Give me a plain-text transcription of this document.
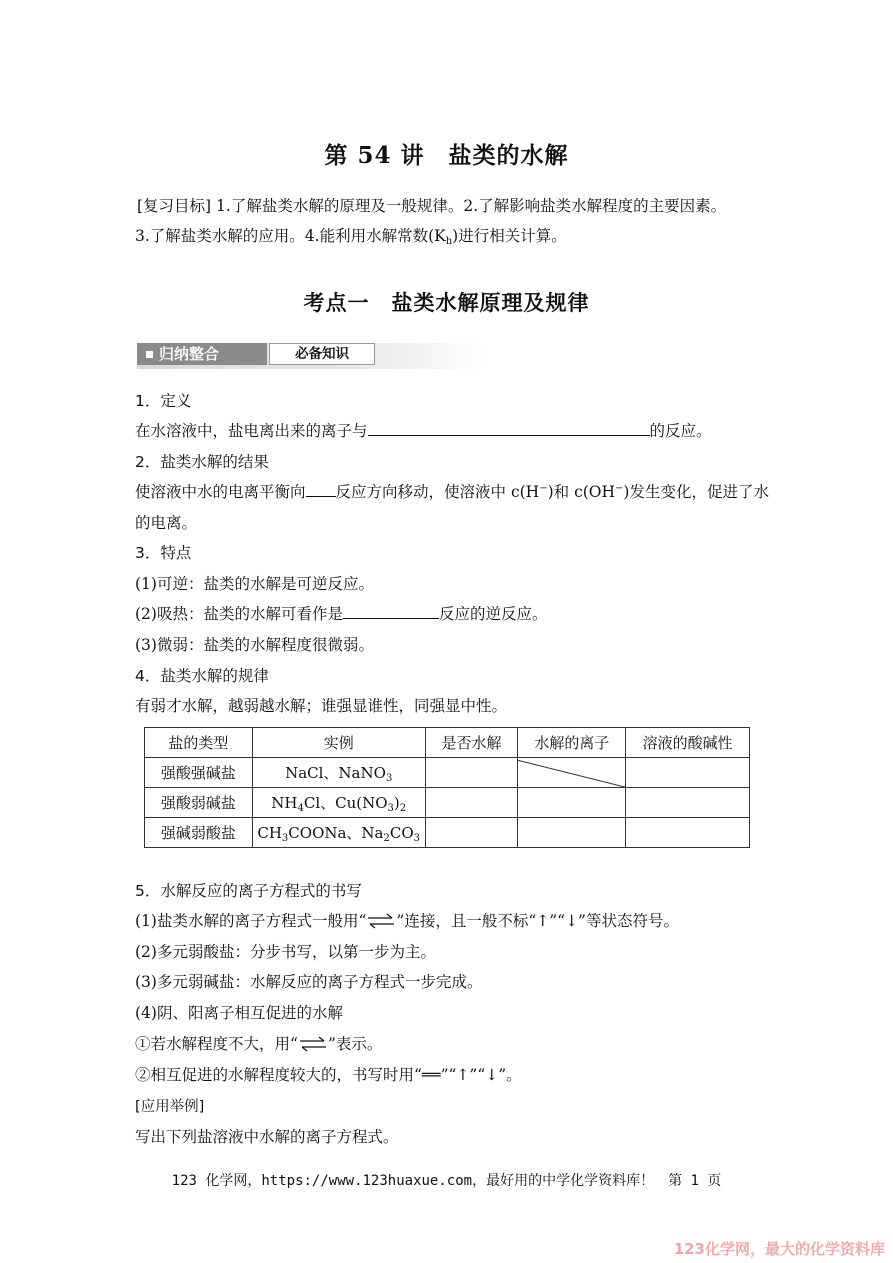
第 54 讲　盐类的水解
[复习目标] 1.了解盐类水解的原理及一般规律。2.了解影响盐类水解程度的主要因素。
3.了解盐类水解的应用。4.能利用水解常数$(K_h)$进行相关计算。
考点一　盐类水解原理及规律
归纳整合	必备知识
1．定义
在水溶液中，盐电离出来的离子与	的反应。
2．盐类水解的结果
使溶液中水的电离平衡向 反应方向移动，使溶液中 c(H−)和 c(OH−)发生变化，促进了水
的电离。
3．特点
(1)可逆：盐类的水解是可逆反应。
(2)吸热：盐类的水解可看作是	反应的逆反应。
(3)微弱：盐类的水解程度很微弱。
4．盐类水解的规律
有弱才水解，越弱越水解；谁强显谁性，同强显中性。
盐的类型	实例	是否水解	水解的离子	溶液的酸碱性
强酸强碱盐	NaCl、NaNO$_3$		

强酸弱碱盐	$NH_4Cl$、$Cu(NO_3)_2$			
强碱弱酸盐	$CH_3COONa$、$Na_2CO_3$			
5．水解反应的离子方程式的书写
(1)盐类水解的离子方程式一般用“⇌”连接，且一般不标“↑”“↓”等状态符号。
(2)多元弱酸盐：分步书写，以第一步为主。
(3)多元弱碱盐：水解反应的离子方程式一步完成。
(4)阴、阳离子相互促进的水解
①若水解程度不大，用“⇌”表示。
②相互促进的水解程度较大的，书写时用“══”“↑”“↓”。
[应用举例]
写出下列盐溶液中水解的离子方程式。
123 化学网，https://www.123huaxue.com，最好用的中学化学资料库！　第 1 页
123化学网，最大的化学资料库
